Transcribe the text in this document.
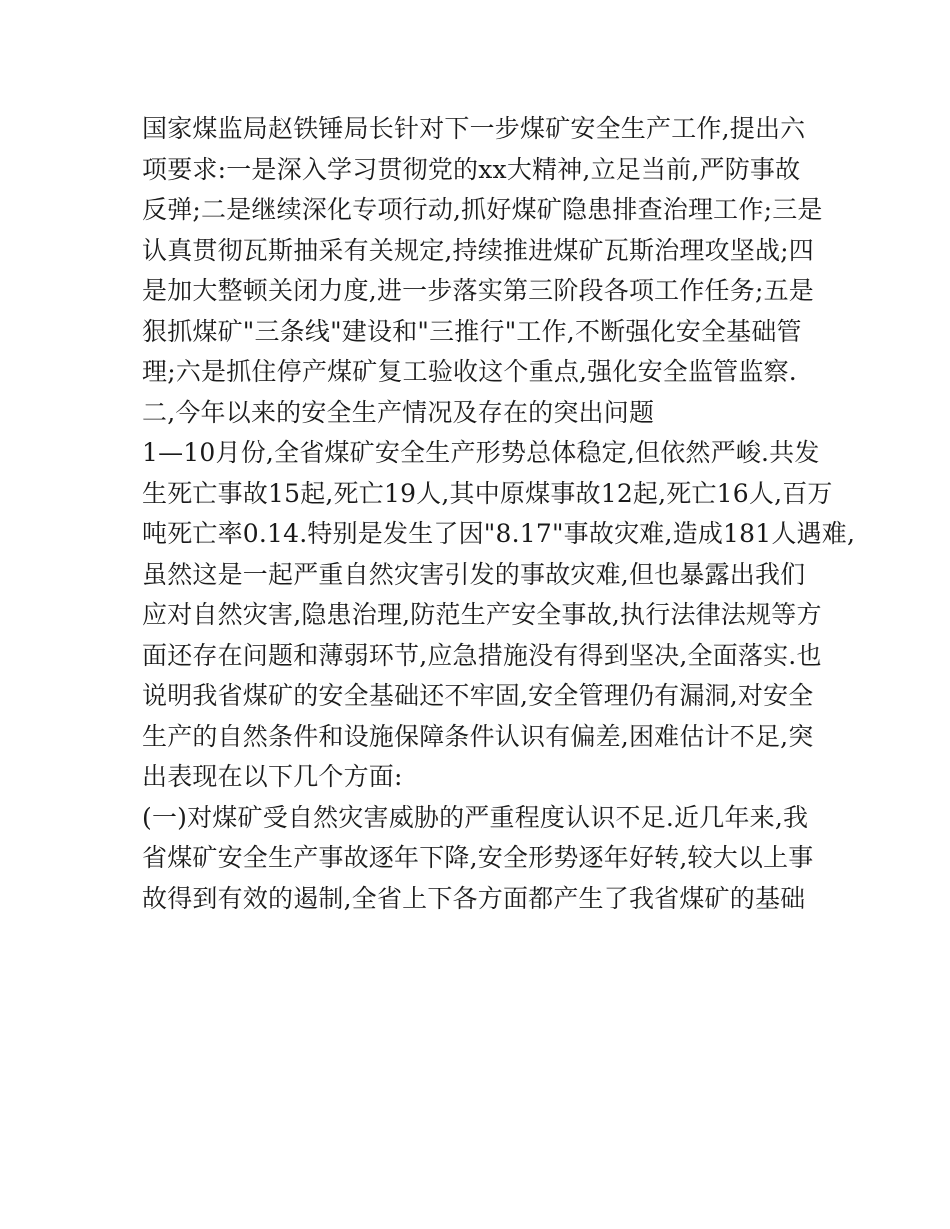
国家煤监局赵铁锤局长针对下一步煤矿安全生产工作,提出六
项要求:一是深入学习贯彻党的xx大精神,立足当前,严防事故
反弹;二是继续深化专项行动,抓好煤矿隐患排查治理工作;三是
认真贯彻瓦斯抽采有关规定,持续推进煤矿瓦斯治理攻坚战;四
是加大整顿关闭力度,进一步落实第三阶段各项工作任务;五是
狠抓煤矿"三条线"建设和"三推行"工作,不断强化安全基础管
理;六是抓住停产煤矿复工验收这个重点,强化安全监管监察.
二,今年以来的安全生产情况及存在的突出问题
1—10月份,全省煤矿安全生产形势总体稳定,但依然严峻.共发
生死亡事故15起,死亡19人,其中原煤事故12起,死亡16人,百万
吨死亡率0.14.特别是发生了因"8.17"事故灾难,造成181人遇难,
虽然这是一起严重自然灾害引发的事故灾难,但也暴露出我们
应对自然灾害,隐患治理,防范生产安全事故,执行法律法规等方
面还存在问题和薄弱环节,应急措施没有得到坚决,全面落实.也
说明我省煤矿的安全基础还不牢固,安全管理仍有漏洞,对安全
生产的自然条件和设施保障条件认识有偏差,困难估计不足,突
出表现在以下几个方面:
(一)对煤矿受自然灾害威胁的严重程度认识不足.近几年来,我
省煤矿安全生产事故逐年下降,安全形势逐年好转,较大以上事
故得到有效的遏制,全省上下各方面都产生了我省煤矿的基础
